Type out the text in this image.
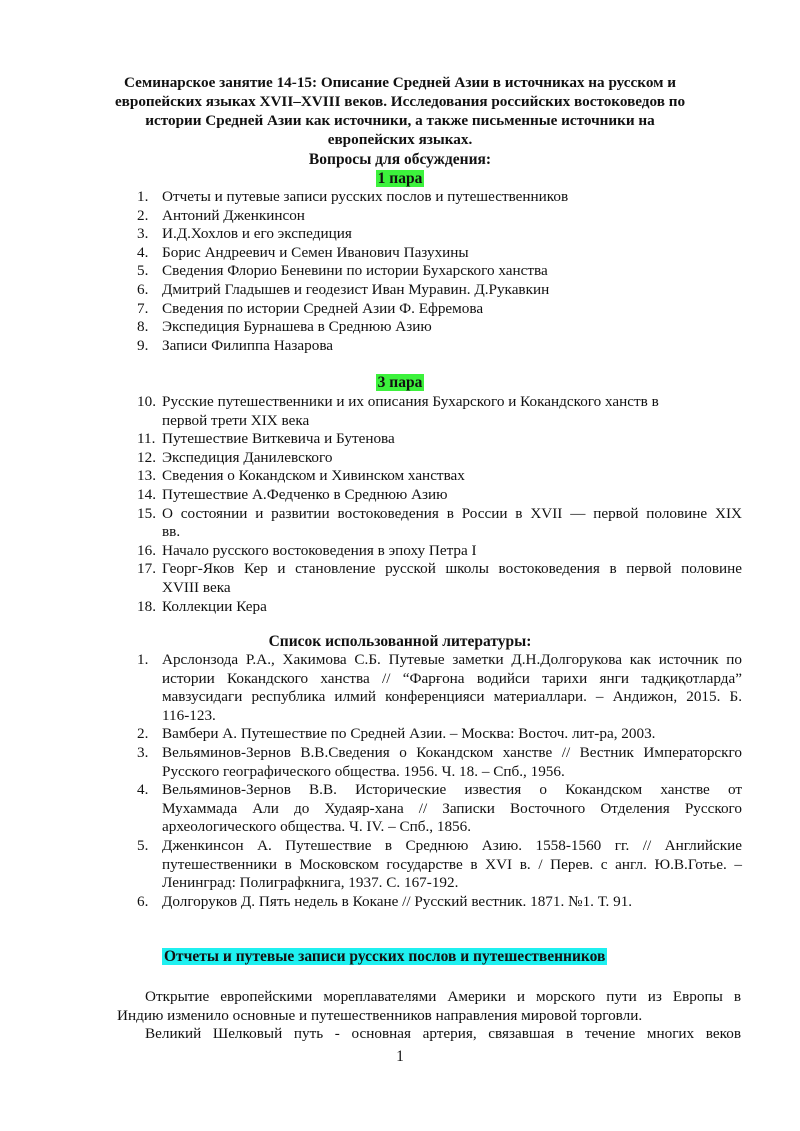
Семинарское занятие 14-15: Описание Средней Азии в источниках на русском и
европейских языках XVII–XVIII веков. Исследования российских востоковедов по
истории Средней Азии как источники, а также письменные источники на
европейских языках.
Вопросы для обсуждения:
1 пара
1. Отчеты и путевые записи русских послов и путешественников
2. Антоний Дженкинсон
3. И.Д.Хохлов и его экспедиция
4. Борис Андреевич и Семен Иванович Пазухины
5. Сведения Флорио Беневини по истории Бухарского ханства
6. Дмитрий Гладышев и геодезист Иван Муравин. Д.Рукавкин
7. Сведения по истории Средней Азии Ф. Ефремова
8. Экспедиция Бурнашева в Среднюю Азию
9. Записи Филиппа Назарова
3 пара
10. Русские путешественники и их описания Бухарского и Кокандского ханств в
первой трети XIX века
11. Путешествие Виткевича и Бутенова
12. Экспедиция Данилевского
13. Сведения о Кокандском и Хивинском ханствах
14. Путешествие А.Федченко в Среднюю Азию
15. О состоянии и развитии востоковедения в России в XVII — первой половине XIX
вв.
16. Начало русского востоковедения в эпоху Петра I
17. Георг-Яков Кер и становление русской школы востоковедения в первой половине
XVIII века
18. Коллекции Кера
Список использованной литературы:
1. Арслонзода Р.А., Хакимова С.Б. Путевые заметки Д.Н.Долгорукова как источник по
истории Кокандского ханства // “Фарғона водийси тарихи янги тадқиқотларда”
мавзусидаги республика илмий конференцияси материаллари. – Андижон, 2015. Б.
116-123.
2. Вамбери А. Путешествие по Средней Азии. – Москва: Восточ. лит-ра, 2003.
3. Вельяминов-Зернов В.В.Сведения о Кокандском ханстве // Вестник Императорскго
Русского географического общества. 1956. Ч. 18. – Спб., 1956.
4. Вельяминов-Зернов В.В. Исторические известия о Кокандском ханстве от
Мухаммада Али до Худаяр-хана // Записки Восточного Отделения Русского
археологического общества. Ч. IV. – Спб., 1856.
5. Дженкинсон А. Путешествие в Среднюю Азию. 1558-1560 гг. // Английские
путешественники в Московском государстве в XVI в. / Перев. с англ. Ю.В.Готье. –
Ленинград: Полиграфкнига, 1937. С. 167-192.
6. Долгоруков Д. Пять недель в Кокане // Русский вестник. 1871. №1. Т. 91.
Отчеты и путевые записи русских послов и путешественников
Открытие европейскими мореплавателями Америки и морского пути из Европы в
Индию изменило основные и путешественников направления мировой торговли.
Великий Шелковый путь - основная артерия, связавшая в течение многих веков
1
